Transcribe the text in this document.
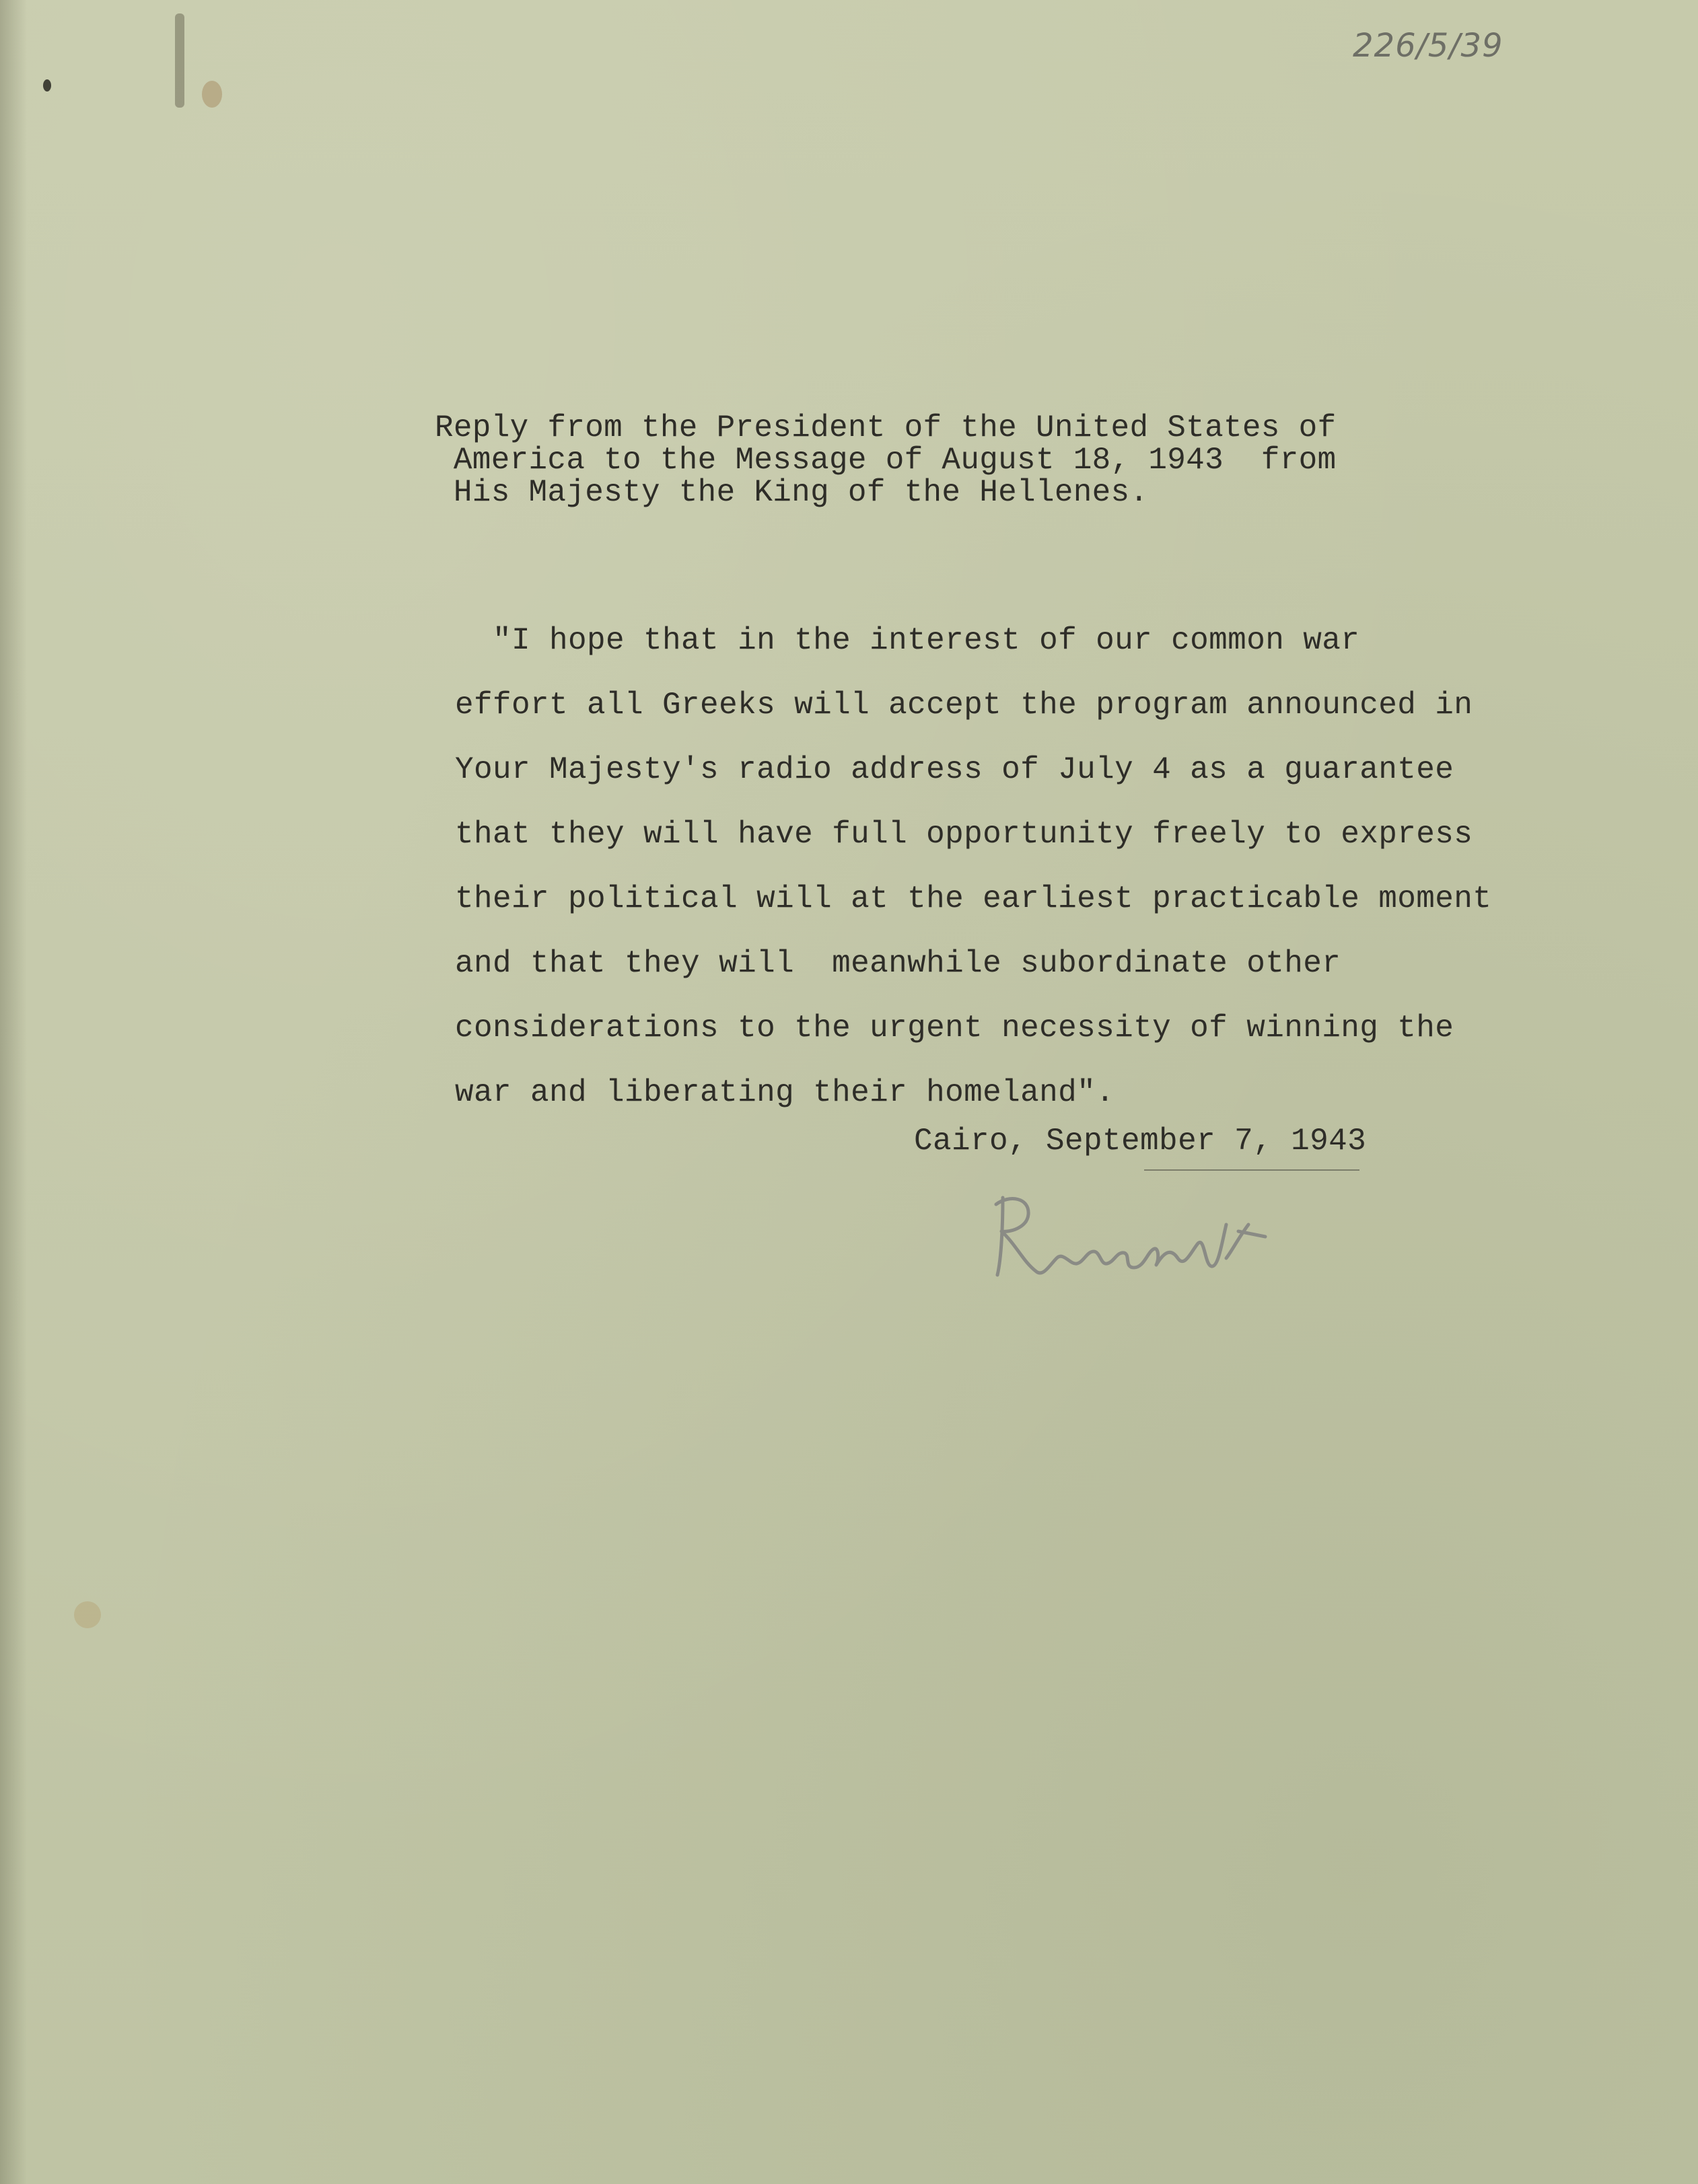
226/5/39
Reply from the President of the United States of
America to the Message of August 18, 1943  from
His Majesty the King of the Hellenes.
"I hope that in the interest of our common war
effort all Greeks will accept the program announced in
Your Majesty's radio address of July 4 as a guarantee
that they will have full opportunity freely to express
their political will at the earliest practicable moment
and that they will  meanwhile subordinate other
considerations to the urgent necessity of winning the
war and liberating their homeland".
Cairo, September 7, 1943
